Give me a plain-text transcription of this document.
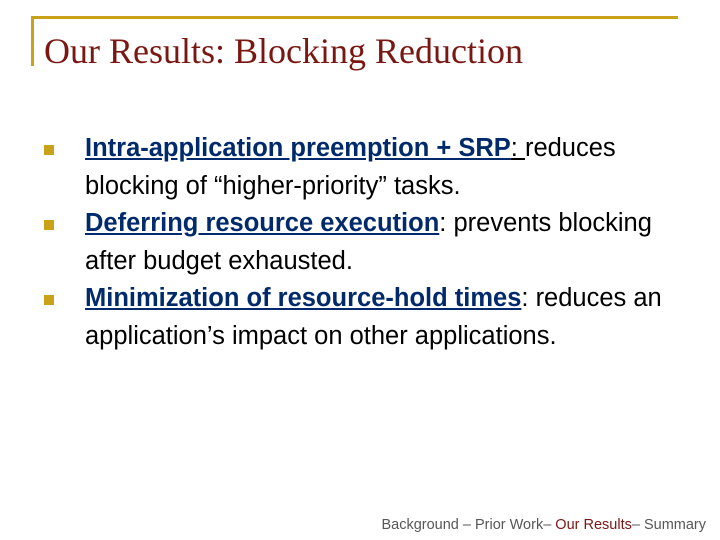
Our Results: Blocking Reduction
Intra-application preemption + SRP: reduces blocking of “higher-priority” tasks.
Deferring resource execution: prevents blocking after budget exhausted.
Minimization of resource-hold times: reduces an application’s impact on other applications.
Background – Prior Work– Our Results– Summary
